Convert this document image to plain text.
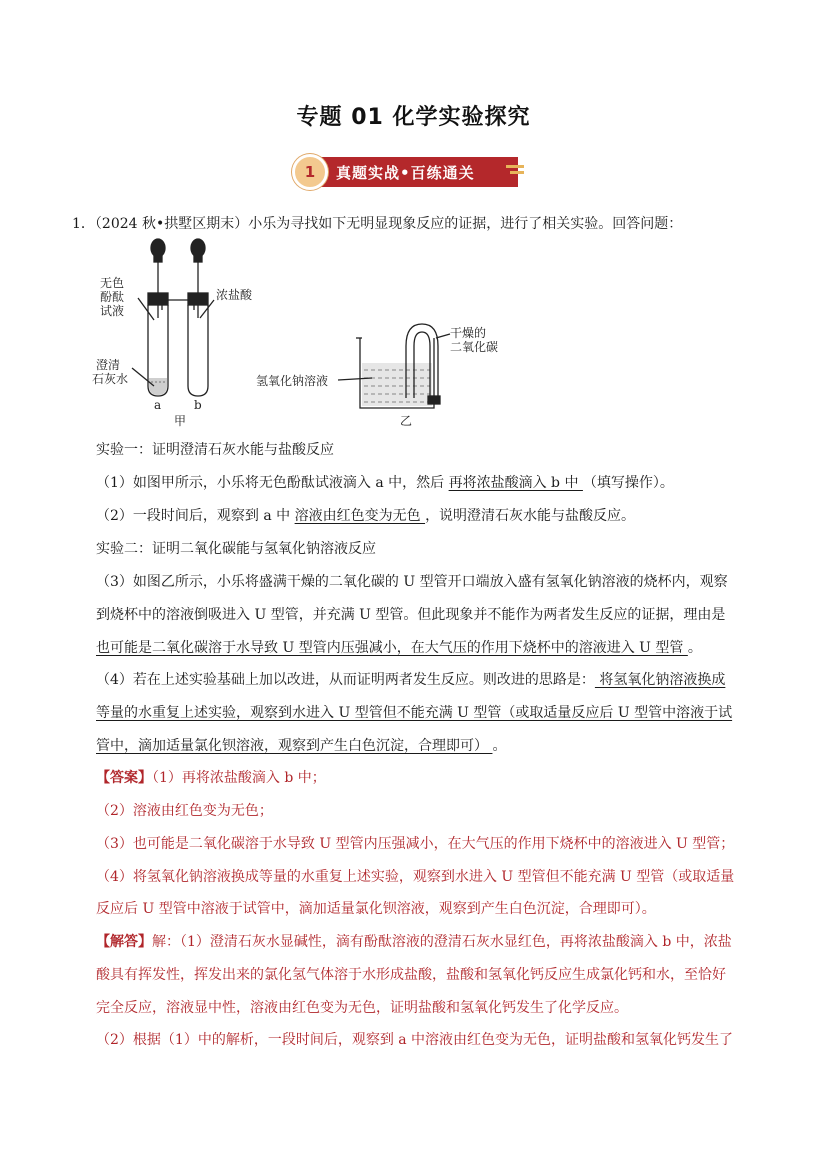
专题 01 化学实验探究
1	真题实战•百练通关
1．（2024 秋•拱墅区期末）小乐为寻找如下无明显现象反应的证据，进行了相关实验。回答问题：
无色
酚酞
试液
浓盐酸
澄清
石灰水
a	b
甲
干燥的
二氧化碳
氢氧化钠溶液
乙
实验一：证明澄清石灰水能与盐酸反应
（1）如图甲所示，小乐将无色酚酞试液滴入 a 中，然后 再将浓盐酸滴入 b 中 （填写操作）。
（2）一段时间后，观察到 a 中 溶液由红色变为无色 ，说明澄清石灰水能与盐酸反应。
实验二：证明二氧化碳能与氢氧化钠溶液反应
（3）如图乙所示，小乐将盛满干燥的二氧化碳的 U 型管开口端放入盛有氢氧化钠溶液的烧杯内，观察
到烧杯中的溶液倒吸进入 U 型管，并充满 U 型管。但此现象并不能作为两者发生反应的证据，理由是
也可能是二氧化碳溶于水导致 U 型管内压强减小，在大气压的作用下烧杯中的溶液进入 U 型管 。
（4）若在上述实验基础上加以改进，从而证明两者发生反应。则改进的思路是： 将氢氧化钠溶液换成
等量的水重复上述实验，观察到水进入 U 型管但不能充满 U 型管（或取适量反应后 U 型管中溶液于试
管中，滴加适量氯化钡溶液，观察到产生白色沉淀，合理即可） 。
【答案】（1）再将浓盐酸滴入 b 中；
（2）溶液由红色变为无色；
（3）也可能是二氧化碳溶于水导致 U 型管内压强减小，在大气压的作用下烧杯中的溶液进入 U 型管；
（4）将氢氧化钠溶液换成等量的水重复上述实验，观察到水进入 U 型管但不能充满 U 型管（或取适量
反应后 U 型管中溶液于试管中，滴加适量氯化钡溶液，观察到产生白色沉淀，合理即可）。
【解答】解：（1）澄清石灰水显碱性，滴有酚酞溶液的澄清石灰水显红色，再将浓盐酸滴入 b 中，浓盐
酸具有挥发性，挥发出来的氯化氢气体溶于水形成盐酸，盐酸和氢氧化钙反应生成氯化钙和水，至恰好
完全反应，溶液显中性，溶液由红色变为无色，证明盐酸和氢氧化钙发生了化学反应。
（2）根据（1）中的解析，一段时间后，观察到 a 中溶液由红色变为无色，证明盐酸和氢氧化钙发生了
